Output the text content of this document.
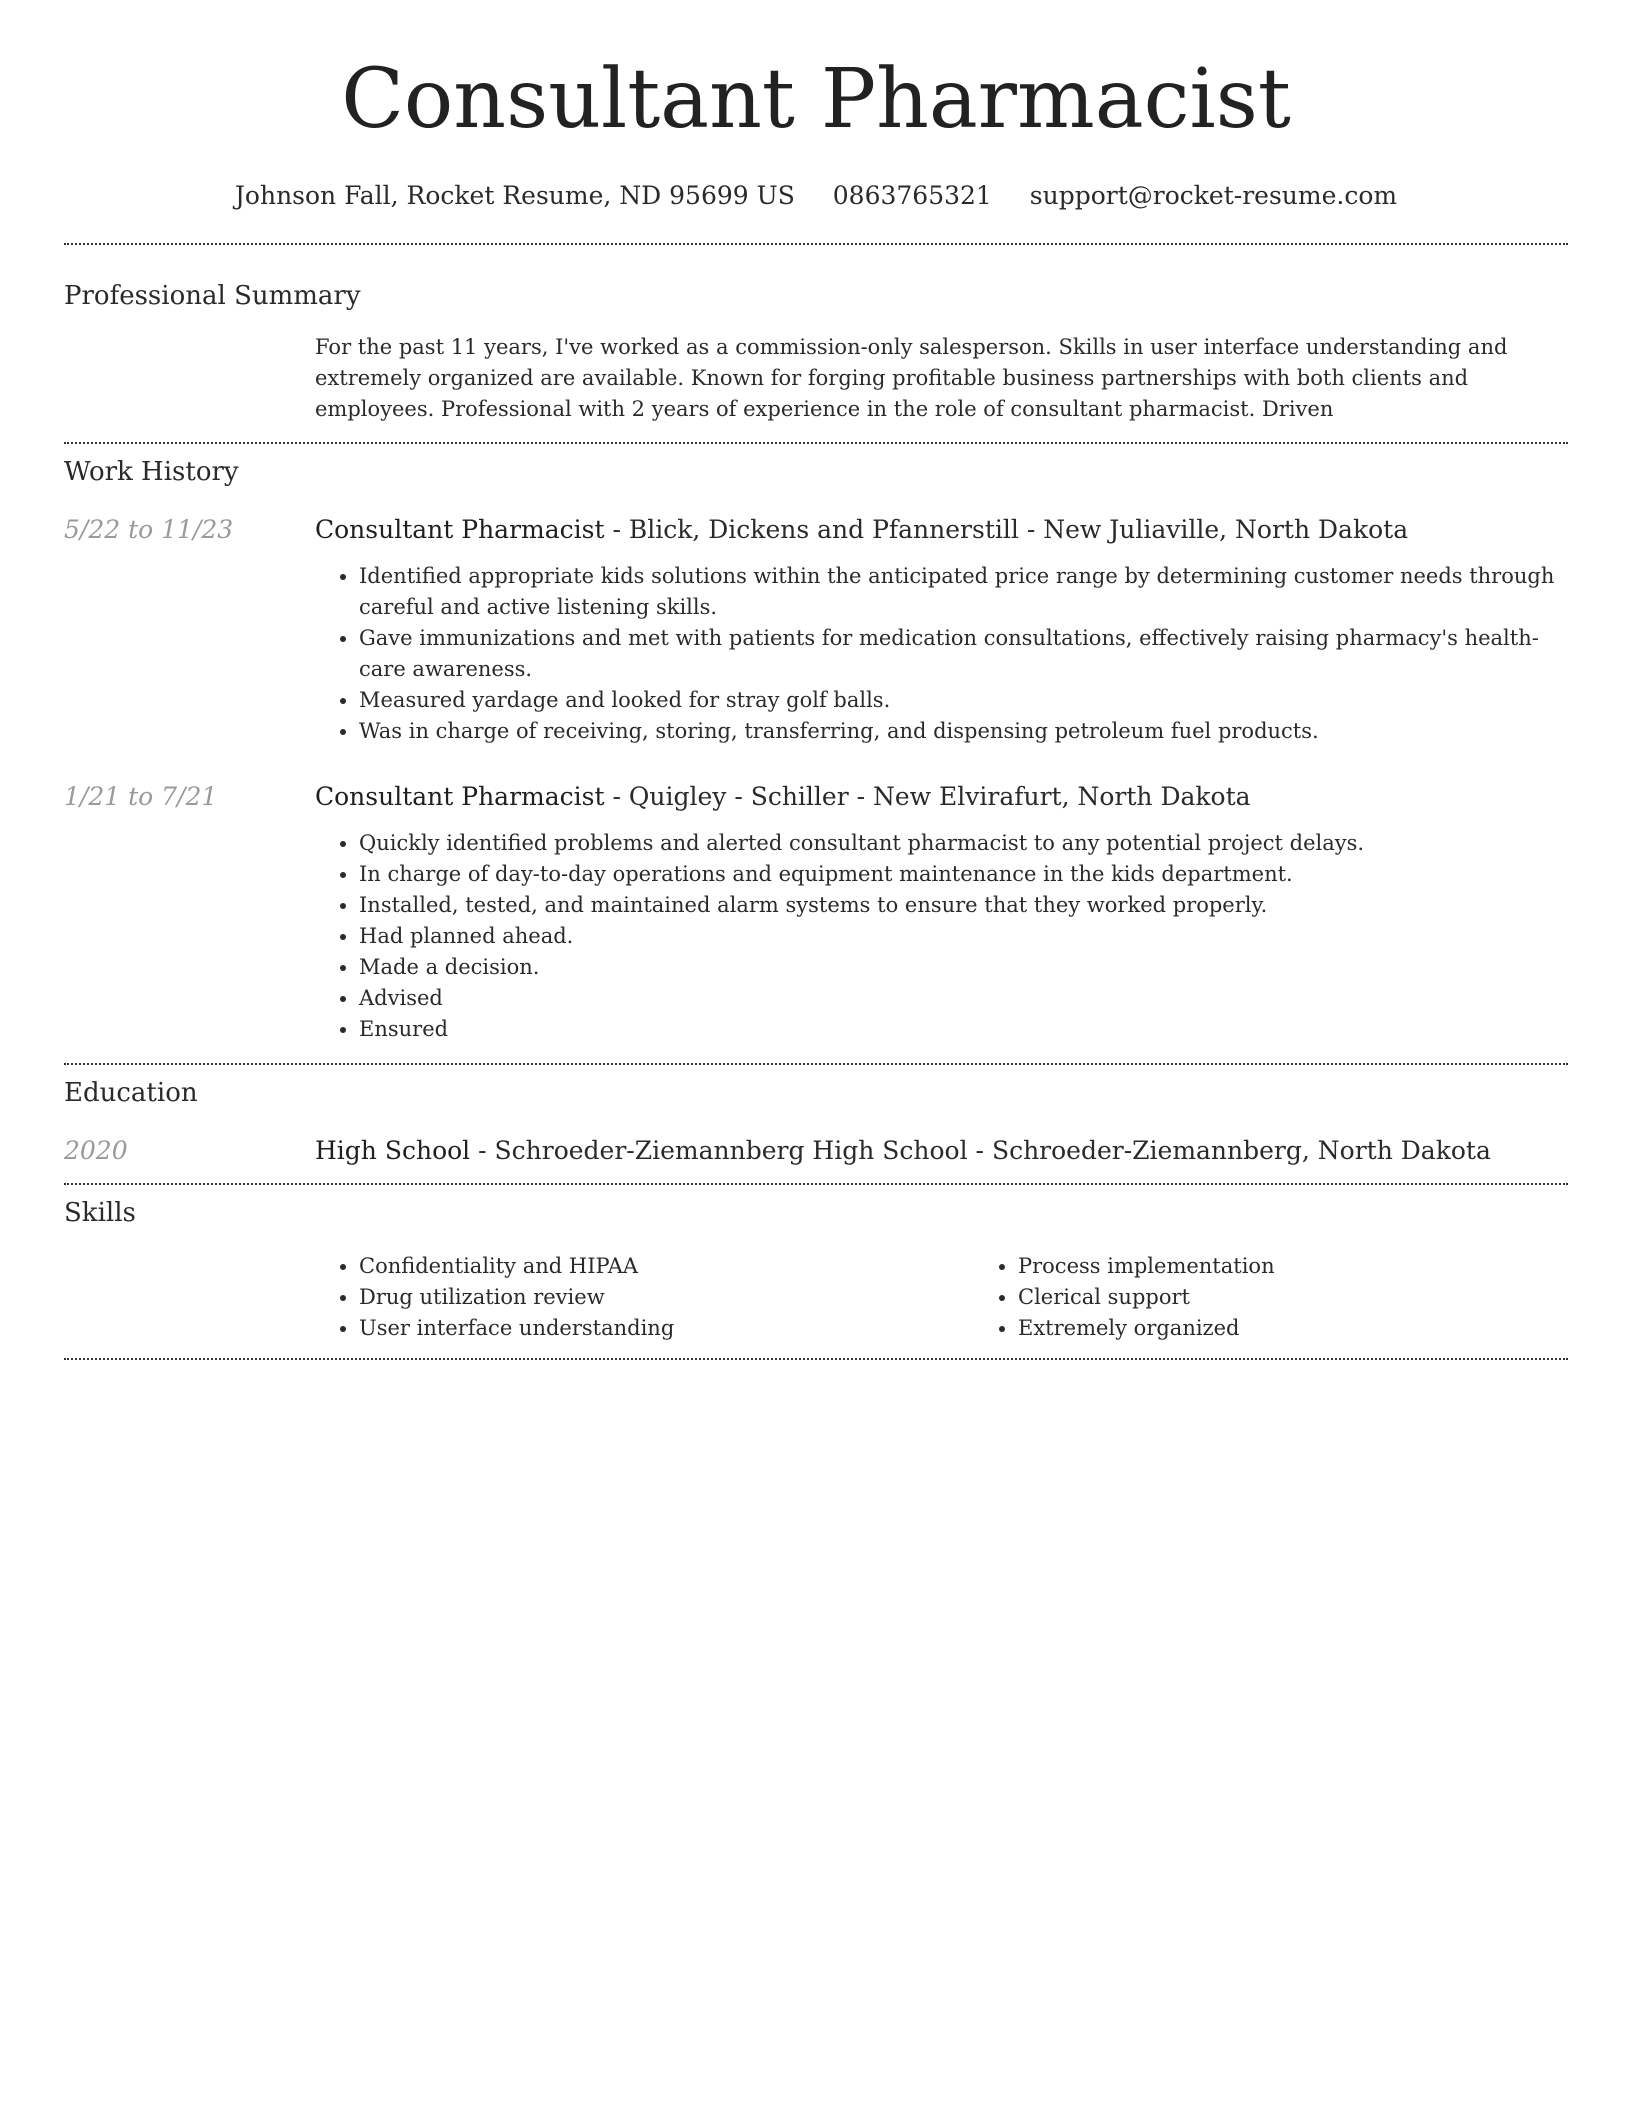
Consultant Pharmacist
Johnson Fall, Rocket Resume, ND 95699 US 0863765321 support@rocket-resume.com
Professional Summary
For the past 11 years, I've worked as a commission-only salesperson. Skills in user interface understanding and extremely organized are available. Known for forging profitable business partnerships with both clients and employees. Professional with 2 years of experience in the role of consultant pharmacist. Driven
Work History
5/22 to 11/23	Consultant Pharmacist - Blick, Dickens and Pfannerstill - New Juliaville, North Dakota
• Identified appropriate kids solutions within the anticipated price range by determining customer needs through careful and active listening skills.
• Gave immunizations and met with patients for medication consultations, effectively raising pharmacy's health-care awareness.
• Measured yardage and looked for stray golf balls.
• Was in charge of receiving, storing, transferring, and dispensing petroleum fuel products.
1/21 to 7/21	Consultant Pharmacist - Quigley - Schiller - New Elvirafurt, North Dakota
• Quickly identified problems and alerted consultant pharmacist to any potential project delays.
• In charge of day-to-day operations and equipment maintenance in the kids department.
• Installed, tested, and maintained alarm systems to ensure that they worked properly.
• Had planned ahead.
• Made a decision.
• Advised
• Ensured
Education
2020	High School - Schroeder-Ziemannberg High School - Schroeder-Ziemannberg, North Dakota
Skills
• Confidentiality and HIPAA
• Drug utilization review
• User interface understanding
• Process implementation
• Clerical support
• Extremely organized
